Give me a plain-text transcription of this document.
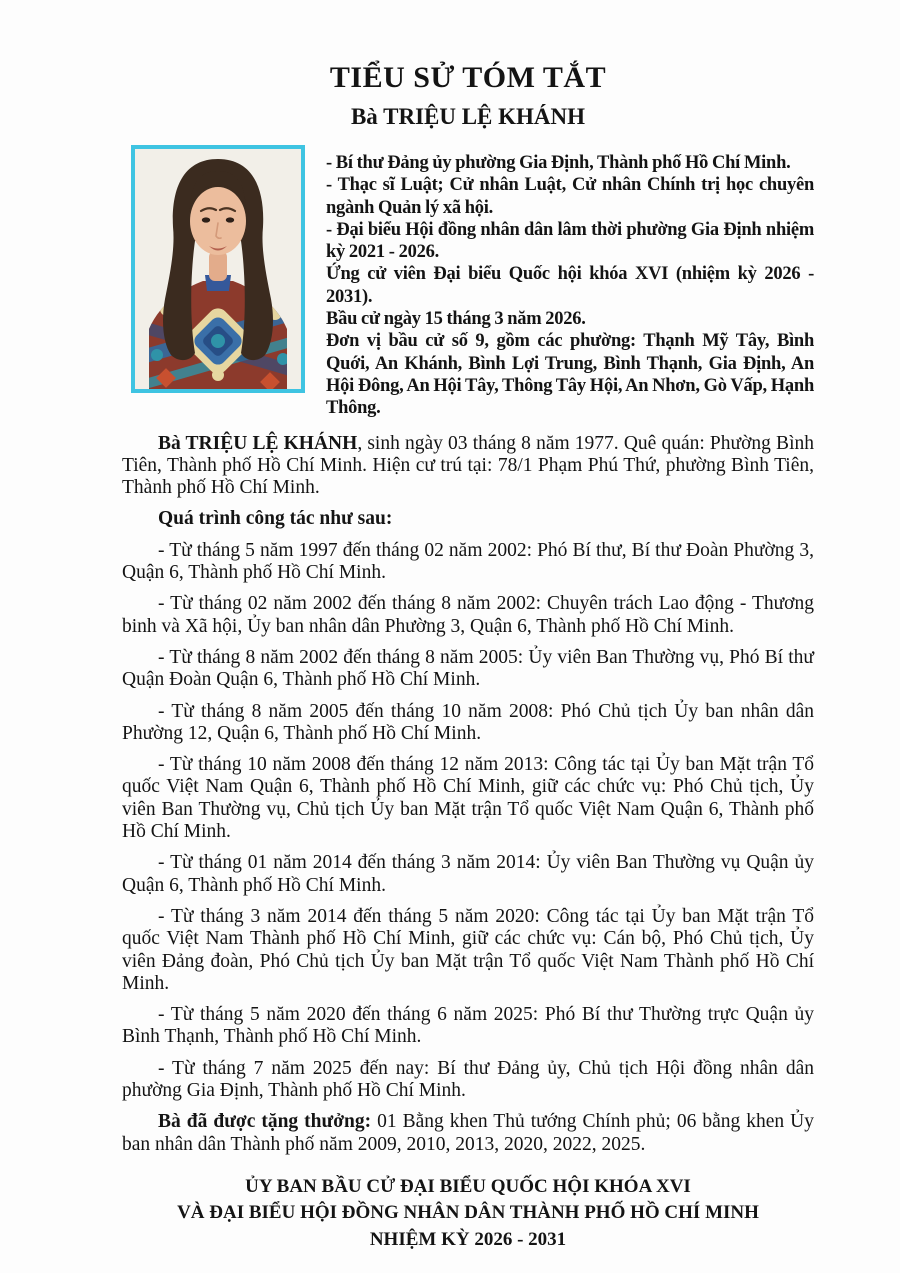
TIỂU SỬ TÓM TẮT
Bà TRIỆU LỆ KHÁNH

- Bí thư Đảng ủy phường Gia Định, Thành phố Hồ Chí Minh.

- Thạc sĩ Luật; Cử nhân Luật, Cử nhân Chính trị học chuyên ngành Quản lý xã hội.

- Đại biểu Hội đồng nhân dân lâm thời phường Gia Định nhiệm kỳ 2021 - 2026.

Ứng cử viên Đại biểu Quốc hội khóa XVI (nhiệm kỳ 2026 - 2031).

Bầu cử ngày 15 tháng 3 năm 2026.

Đơn vị bầu cử số 9, gồm các phường: Thạnh Mỹ Tây, Bình Quới, An Khánh, Bình Lợi Trung, Bình Thạnh, Gia Định, An Hội Đông, An Hội Tây, Thông Tây Hội, An Nhơn, Gò Vấp, Hạnh Thông.

Bà TRIỆU LỆ KHÁNH, sinh ngày 03 tháng 8 năm 1977. Quê quán: Phường Bình Tiên, Thành phố Hồ Chí Minh. Hiện cư trú tại: 78/1 Phạm Phú Thứ, phường Bình Tiên, Thành phố Hồ Chí Minh.

Quá trình công tác như sau:

- Từ tháng 5 năm 1997 đến tháng 02 năm 2002: Phó Bí thư, Bí thư Đoàn Phường 3, Quận 6, Thành phố Hồ Chí Minh.

- Từ tháng 02 năm 2002 đến tháng 8 năm 2002: Chuyên trách Lao động - Thương binh và Xã hội, Ủy ban nhân dân Phường 3, Quận 6, Thành phố Hồ Chí Minh.

- Từ tháng 8 năm 2002 đến tháng 8 năm 2005: Ủy viên Ban Thường vụ, Phó Bí thư Quận Đoàn Quận 6, Thành phố Hồ Chí Minh.

- Từ tháng 8 năm 2005 đến tháng 10 năm 2008: Phó Chủ tịch Ủy ban nhân dân Phường 12, Quận 6, Thành phố Hồ Chí Minh.

- Từ tháng 10 năm 2008 đến tháng 12 năm 2013: Công tác tại Ủy ban Mặt trận Tổ quốc Việt Nam Quận 6, Thành phố Hồ Chí Minh, giữ các chức vụ: Phó Chủ tịch, Ủy viên Ban Thường vụ, Chủ tịch Ủy ban Mặt trận Tổ quốc Việt Nam Quận 6, Thành phố Hồ Chí Minh.

- Từ tháng 01 năm 2014 đến tháng 3 năm 2014: Ủy viên Ban Thường vụ Quận ủy Quận 6, Thành phố Hồ Chí Minh.

- Từ tháng 3 năm 2014 đến tháng 5 năm 2020: Công tác tại Ủy ban Mặt trận Tổ quốc Việt Nam Thành phố Hồ Chí Minh, giữ các chức vụ: Cán bộ, Phó Chủ tịch, Ủy viên Đảng đoàn, Phó Chủ tịch Ủy ban Mặt trận Tổ quốc Việt Nam Thành phố Hồ Chí Minh.

- Từ tháng 5 năm 2020 đến tháng 6 năm 2025: Phó Bí thư Thường trực Quận ủy Bình Thạnh, Thành phố Hồ Chí Minh.

- Từ tháng 7 năm 2025 đến nay: Bí thư Đảng ủy, Chủ tịch Hội đồng nhân dân phường Gia Định, Thành phố Hồ Chí Minh.

Bà đã được tặng thưởng: 01 Bằng khen Thủ tướng Chính phủ; 06 bằng khen Ủy ban nhân dân Thành phố năm 2009, 2010, 2013, 2020, 2022, 2025.

ỦY BAN BẦU CỬ ĐẠI BIỂU QUỐC HỘI KHÓA XVI

VÀ ĐẠI BIỂU HỘI ĐỒNG NHÂN DÂN THÀNH PHỐ HỒ CHÍ MINH

NHIỆM KỲ 2026 - 2031
